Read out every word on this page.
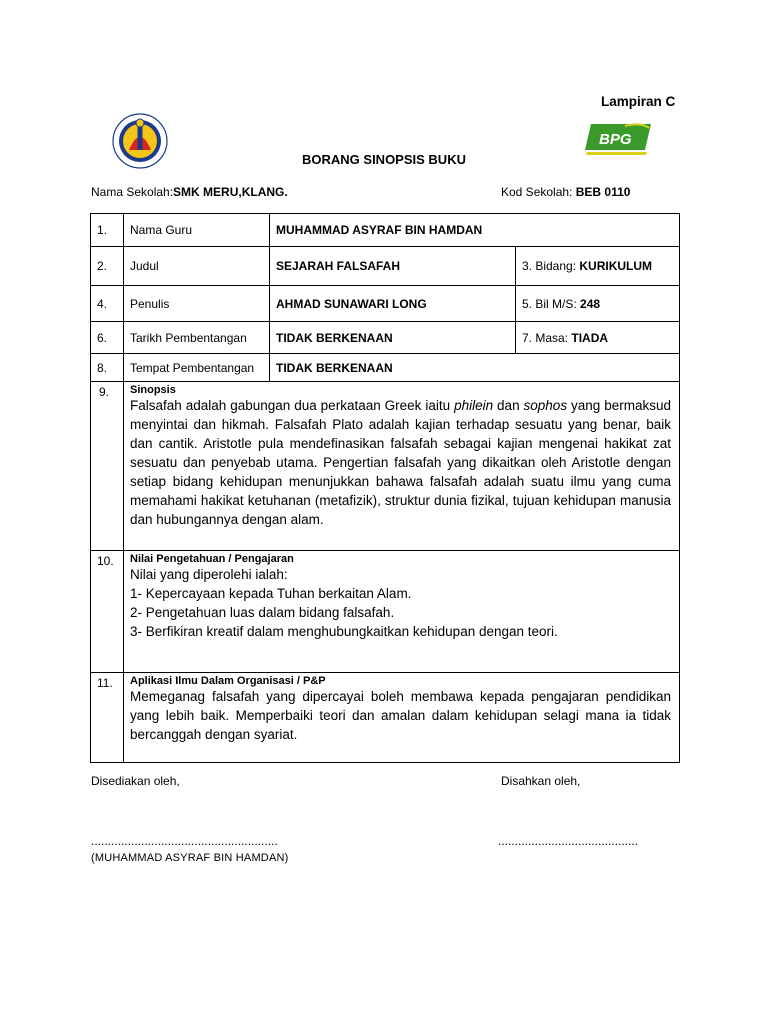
BPG
Lampiran C
BORANG SINOPSIS BUKU
Nama Sekolah:SMK MERU,KLANG.	Kod Sekolah: BEB 0110
1.	Nama Guru	MUHAMMAD ASYRAF BIN HAMDAN	
2.	Judul	SEJARAH FALSAFAH	3. Bidang: KURIKULUM
4.	Penulis	AHMAD SUNAWARI LONG	5. Bil M/S: 248
6.	Tarikh Pembentangan	TIDAK BERKENAAN	7. Masa: TIADA
8.	Tempat Pembentangan	TIDAK BERKENAAN	
9.	Sinopsis
Falsafah adalah gabungan dua perkataan Greek iaitu philein dan sophos yang bermaksud menyintai dan hikmah. Falsafah Plato adalah kajian terhadap sesuatu yang benar, baik dan cantik. Aristotle pula mendefinasikan falsafah sebagai kajian mengenai hakikat zat sesuatu dan penyebab utama. Pengertian falsafah yang dikaitkan oleh Aristotle dengan setiap bidang kehidupan menunjukkan bahawa falsafah adalah suatu ilmu yang cuma memahami hakikat ketuhanan (metafizik), struktur dunia fizikal, tujuan kehidupan manusia dan hubungannya dengan alam.		

10.	Nilai Pengetahuan / Pengajaran
Nilai yang diperolehi ialah:
1- Kepercayaan kepada Tuhan berkaitan Alam.
2- Pengetahuan luas dalam bidang falsafah.
3- Berfikiran kreatif dalam menghubungkaitkan kehidupan dengan teori.		

11.	Aplikasi Ilmu Dalam Organisasi / P&P
Memeganag falsafah yang dipercayai boleh membawa kepada pengajaran pendidikan yang lebih baik. Memperbaiki teori dan amalan dalam kehidupan selagi mana ia tidak bercanggah dengan syariat.		
Disediakan oleh,	Disahkan oleh,
........................................................	..........................................
(MUHAMMAD ASYRAF BIN HAMDAN)
